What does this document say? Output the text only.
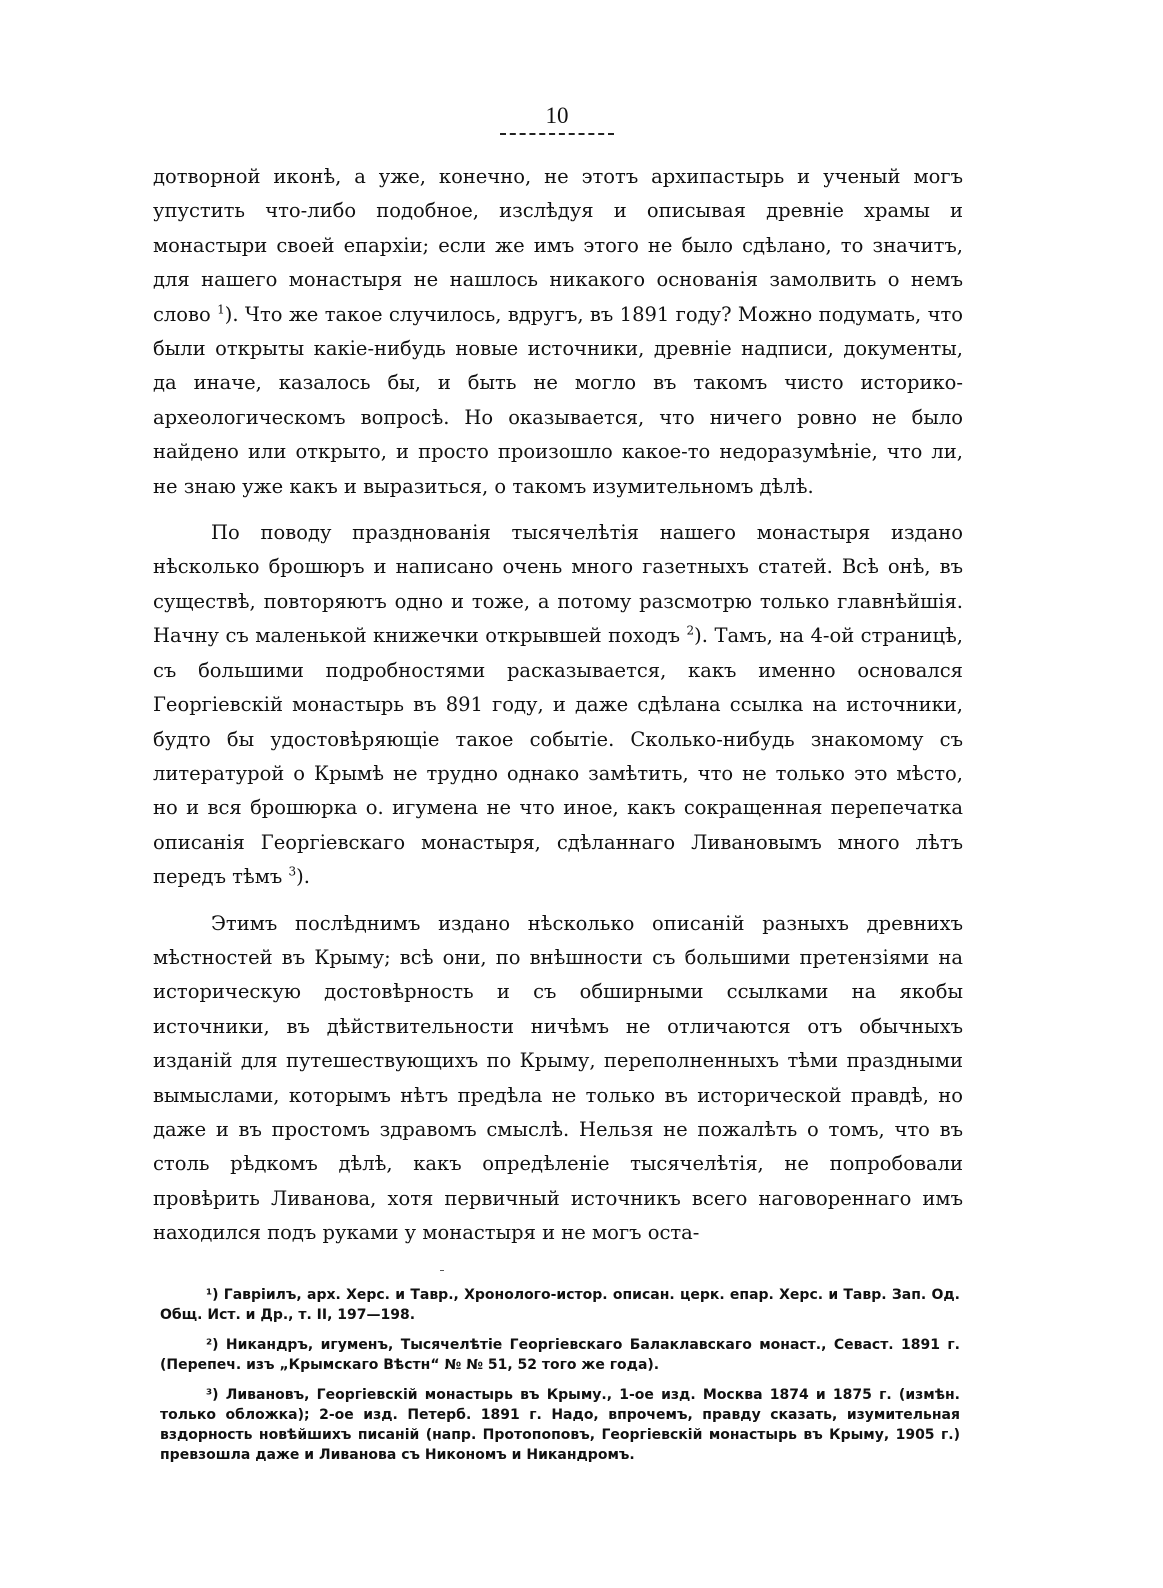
10

дотворной иконѣ, а уже, конечно, не этотъ архипастырь и ученый могъ упустить что-либо подобное, изслѣдуя и описывая древніе храмы и монастыри своей епархіи; если же имъ этого не было сдѣлано, то значитъ, для нашего монастыря не нашлось никакого основанія замолвить о немъ слово $^1$). Что же такое случилось, вдругъ, въ 1891 году? Можно подумать, что были открыты какіе-нибудь новые источники, древніе надписи, документы, да иначе, казалось бы, и быть не могло въ такомъ чисто историко-археологическомъ вопросѣ. Но оказывается, что ничего ровно не было найдено или открыто, и просто произошло какое-то недоразумѣніе, что ли, не знаю уже какъ и выразиться, о такомъ изумительномъ дѣлѣ.

По поводу празднованія тысячелѣтія нашего монастыря издано нѣсколько брошюръ и написано очень много газетныхъ статей. Всѣ онѣ, въ существѣ, повторяютъ одно и тоже, а потому разсмотрю только главнѣйшія. Начну съ маленькой книжечки открывшей походъ $^2$). Тамъ, на 4-ой страницѣ, съ большими подробностями расказывается, какъ именно основался Георгіевскій монастырь въ 891 году, и даже сдѣлана ссылка на источники, будто бы удостовѣряющіе такое событіе. Сколько-нибудь знакомому съ литературой о Крымѣ не трудно однако замѣтить, что не только это мѣсто, но и вся брошюрка о. игумена не что иное, какъ сокращенная перепечатка описанія Георгіевскаго монастыря, сдѣланнаго Ливановымъ много лѣтъ передъ тѣмъ $^3$).

Этимъ послѣднимъ издано нѣсколько описаній разныхъ древнихъ мѣстностей въ Крыму; всѣ они, по внѣшности съ большими претензіями на историческую достовѣрность и съ обширными ссылками на якобы источники, въ дѣйствительности ничѣмъ не отличаются отъ обычныхъ изданій для путешествующихъ по Крыму, переполненныхъ тѣми праздными вымыслами, которымъ нѣтъ предѣла не только въ исторической правдѣ, но даже и въ простомъ здравомъ смыслѣ. Нельзя не пожалѣть о томъ, что въ столь рѣдкомъ дѣлѣ, какъ опредѣленіе тысячелѣтія, не попробовали провѣрить Ливанова, хотя первичный источникъ всего наговореннаго имъ находился подъ руками у монастыря и не могъ оста-

¹) Гавріилъ, арх. Херс. и Тавр., Хронолого-истор. описан. церк. епар. Херс. и Тавр. Зап. Од. Общ. Ист. и Др., т. II, 197—198.

²) Никандръ, игуменъ, Тысячелѣтіе Георгіевскаго Балаклавскаго монаст., Севаст. 1891 г. (Перепеч. изъ „Крымскаго Вѣстн“ № № 51, 52 того же года).

³) Ливановъ, Георгіевскій монастырь въ Крыму., 1-ое изд. Москва 1874 и 1875 г. (измѣн. только обложка); 2-ое изд. Петерб. 1891 г. Надо, впрочемъ, правду сказать, изумительная вздорность новѣйшихъ писаній (напр. Протопоповъ, Георгіевскій монастырь въ Крыму, 1905 г.) превзошла даже и Ливанова съ Никономъ и Никандромъ.
